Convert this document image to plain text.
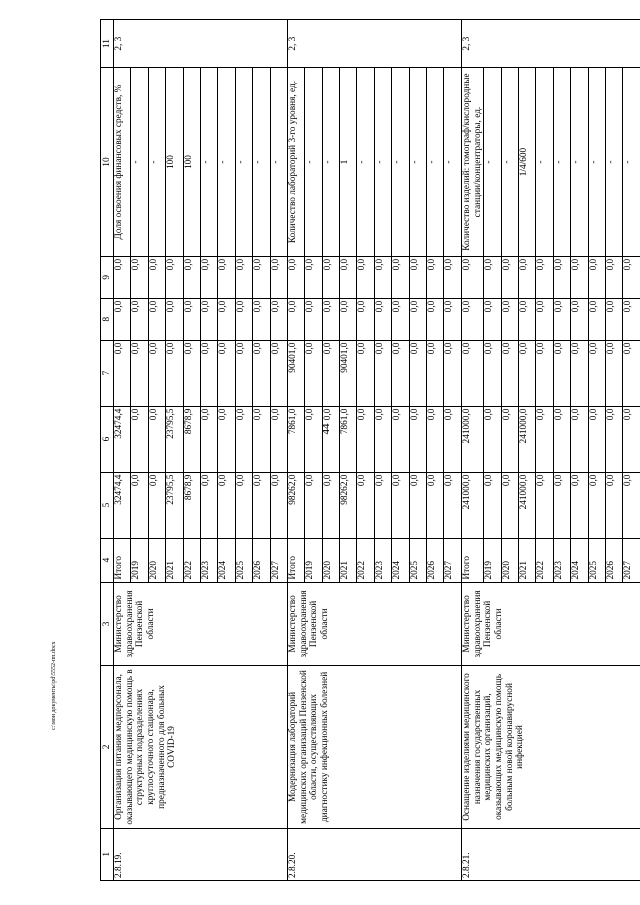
44
c:\мои документы\pd\5552-пп.docx
1	2	3	4	5	6	7	8	9	10	11
2.8.19.	Организация питания медперсонала, оказывающего медицинскую помощь в структурных подразделениях круглосуточного стационара, предназначенного для больных COVID-19	Министерство здравоохранения Пензенской области	Итого	32474,4	32474,4	0,0	0,0	0,0	Доля освоения финансовых средств, %	2, 3
			2019	0,0	0,0	0,0	0,0	0,0	-	
			2020	0,0	0,0	0,0	0,0	0,0	-	
			2021	23795,5	23795,5	0,0	0,0	0,0	100	
			2022	8678,9	8678,9	0,0	0,0	0,0	100	
			2023	0,0	0,0	0,0	0,0	0,0	-	
			2024	0,0	0,0	0,0	0,0	0,0	-	
			2025	0,0	0,0	0,0	0,0	0,0	-	
			2026	0,0	0,0	0,0	0,0	0,0	-	
			2027	0,0	0,0	0,0	0,0	0,0	-	
2.8.20.	Модернизация лабораторий медицинских организаций Пензенской области, осуществляющих диагностику инфекционных болезней	Министерство здравоохранения Пензенской области	Итого	98262,0	7861,0	90401,0	0,0	0,0	Количество лабораторий 3-го уровня, ед.	2, 3
			2019	0,0	0,0	0,0	0,0	0,0	-	
			2020	0,0	0,0	0,0	0,0	0,0	-	
			2021	98262,0	7861,0	90401,0	0,0	0,0	1	
			2022	0,0	0,0	0,0	0,0	0,0	-	
			2023	0,0	0,0	0,0	0,0	0,0	-	
			2024	0,0	0,0	0,0	0,0	0,0	-	
			2025	0,0	0,0	0,0	0,0	0,0	-	
			2026	0,0	0,0	0,0	0,0	0,0	-	
			2027	0,0	0,0	0,0	0,0	0,0	-	
2.8.21.	Оснащение изделиями медицинского назначения государственных медицинских организаций, оказывающих медицинскую помощь больным новой коронавирусной инфекцией	Министерство здравоохранения Пензенской области	Итого	241000,0	241000,0	0,0	0,0	0,0	Количество изделий: томограф/кислородные станции/концентраторы, ед.	2, 3
			2019	0,0	0,0	0,0	0,0	0,0	-	
			2020	0,0	0,0	0,0	0,0	0,0	-	
			2021	241000,0	241000,0	0,0	0,0	0,0	1/4/600	
			2022	0,0	0,0	0,0	0,0	0,0	-	
			2023	0,0	0,0	0,0	0,0	0,0	-	
			2024	0,0	0,0	0,0	0,0	0,0	-	
			2025	0,0	0,0	0,0	0,0	0,0	-	
			2026	0,0	0,0	0,0	0,0	0,0	-	
			2027	0,0	0,0	0,0	0,0	0,0	-	
